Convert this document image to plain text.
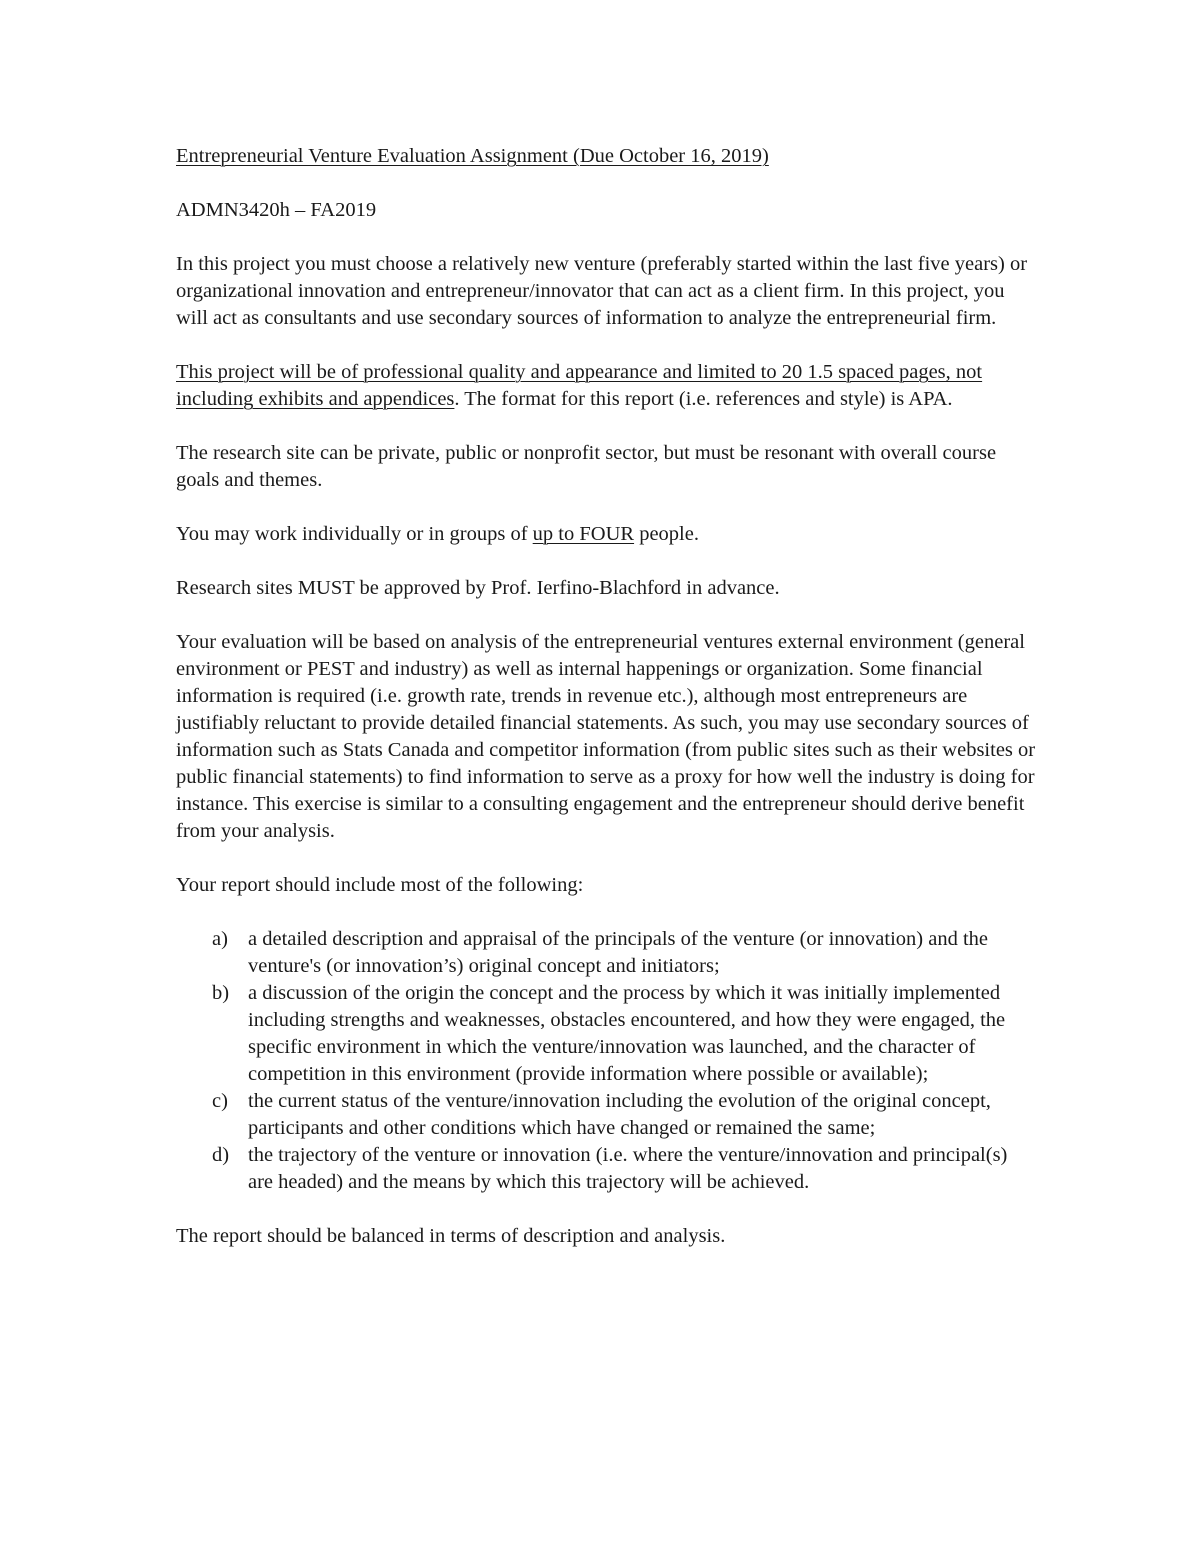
Entrepreneurial Venture Evaluation Assignment (Due October 16, 2019)

ADMN3420h – FA2019

In this project you must choose a relatively new venture (preferably started within the last five years) or organizational innovation and entrepreneur/innovator that can act as a client firm. In this project, you will act as consultants and use secondary sources of information to analyze the entrepreneurial firm.

This project will be of professional quality and appearance and limited to 20 1.5 spaced pages, not including exhibits and appendices. The format for this report (i.e. references and style) is APA.

The research site can be private, public or nonprofit sector, but must be resonant with overall course goals and themes.

You may work individually or in groups of up to FOUR people.

Research sites MUST be approved by Prof. Ierfino-Blachford in advance.

Your evaluation will be based on analysis of the entrepreneurial ventures external environment (general environment or PEST and industry) as well as internal happenings or organization. Some financial information is required (i.e. growth rate, trends in revenue etc.), although most entrepreneurs are justifiably reluctant to provide detailed financial statements. As such, you may use secondary sources of information such as Stats Canada and competitor information (from public sites such as their websites or public financial statements) to find information to serve as a proxy for how well the industry is doing for instance. This exercise is similar to a consulting engagement and the entrepreneur should derive benefit from your analysis.

Your report should include most of the following:

a) a detailed description and appraisal of the principals of the venture (or innovation) and the venture's (or innovation’s) original concept and initiators;
b) a discussion of the origin the concept and the process by which it was initially implemented including strengths and weaknesses, obstacles encountered, and how they were engaged, the specific environment in which the venture/innovation was launched, and the character of competition in this environment (provide information where possible or available);
c) the current status of the venture/innovation including the evolution of the original concept, participants and other conditions which have changed or remained the same;
d) the trajectory of the venture or innovation (i.e. where the venture/innovation and principal(s) are headed) and the means by which this trajectory will be achieved.

The report should be balanced in terms of description and analysis.
